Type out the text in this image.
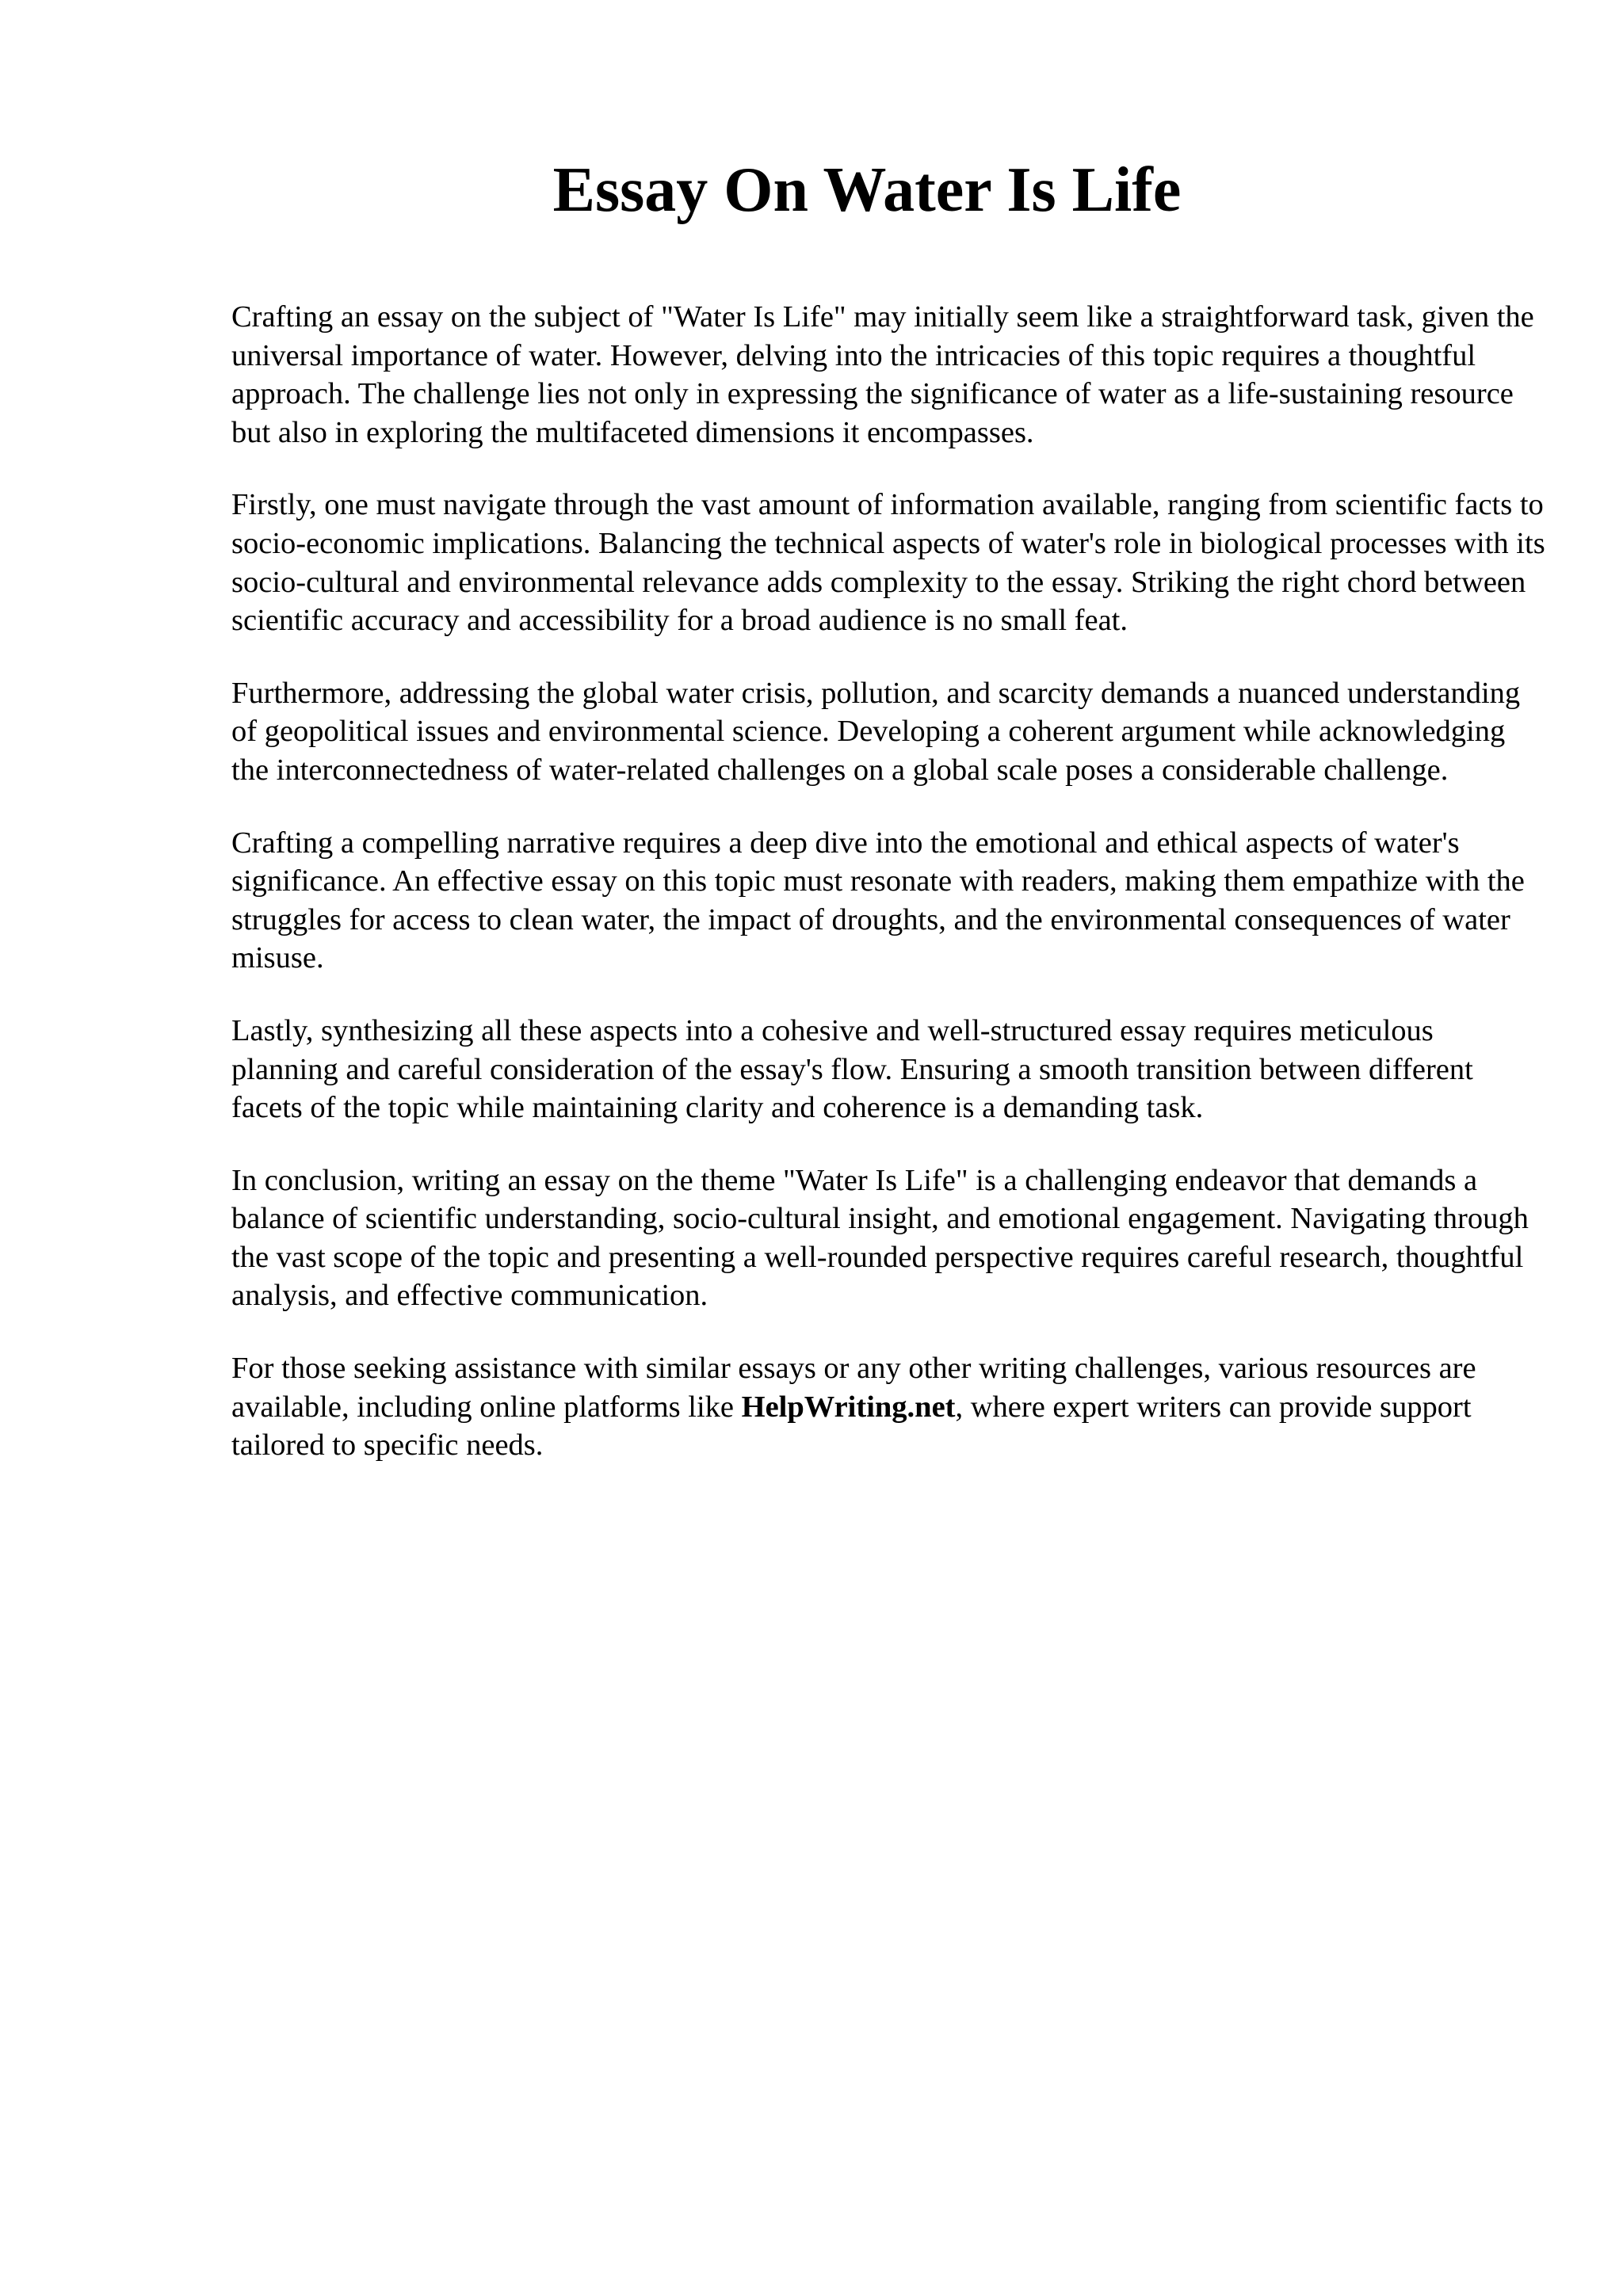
Essay On Water Is Life

Crafting an essay on the subject of "Water Is Life" may initially seem like a straightforward task, given the universal importance of water. However, delving into the intricacies of this topic requires a thoughtful approach. The challenge lies not only in expressing the significance of water as a life-sustaining resource but also in exploring the multifaceted dimensions it encompasses.

Firstly, one must navigate through the vast amount of information available, ranging from scientific facts to socio-economic implications. Balancing the technical aspects of water's role in biological processes with its socio-cultural and environmental relevance adds complexity to the essay. Striking the right chord between scientific accuracy and accessibility for a broad audience is no small feat.

Furthermore, addressing the global water crisis, pollution, and scarcity demands a nuanced understanding of geopolitical issues and environmental science. Developing a coherent argument while acknowledging the interconnectedness of water-related challenges on a global scale poses a considerable challenge.

Crafting a compelling narrative requires a deep dive into the emotional and ethical aspects of water's significance. An effective essay on this topic must resonate with readers, making them empathize with the struggles for access to clean water, the impact of droughts, and the environmental consequences of water misuse.

Lastly, synthesizing all these aspects into a cohesive and well-structured essay requires meticulous planning and careful consideration of the essay's flow. Ensuring a smooth transition between different facets of the topic while maintaining clarity and coherence is a demanding task.

In conclusion, writing an essay on the theme "Water Is Life" is a challenging endeavor that demands a balance of scientific understanding, socio-cultural insight, and emotional engagement. Navigating through the vast scope of the topic and presenting a well-rounded perspective requires careful research, thoughtful analysis, and effective communication.

For those seeking assistance with similar essays or any other writing challenges, various resources are available, including online platforms like HelpWriting.net, where expert writers can provide support tailored to specific needs.
